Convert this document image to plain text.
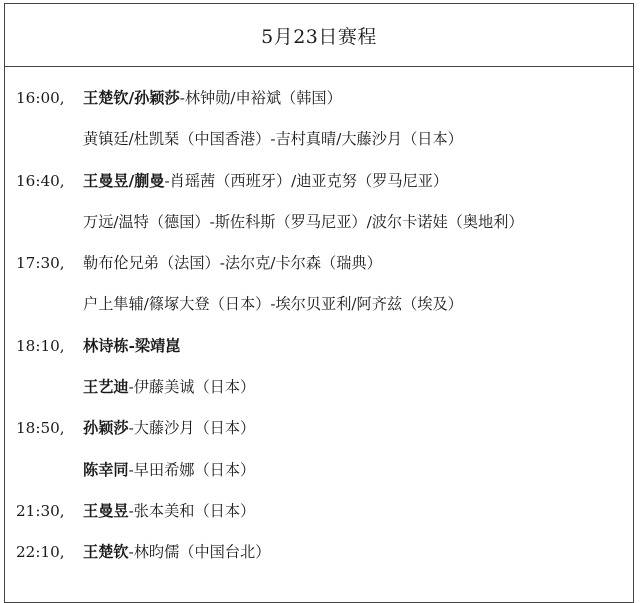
5月23日赛程
16:00, 王楚钦/孙颖莎-林钟勋/申裕斌（韩国）
黄镇廷/杜凯琹（中国香港）-吉村真晴/大藤沙月（日本）
16:40, 王曼昱/蒯曼-肖瑶茜（西班牙）/迪亚克努（罗马尼亚）
万远/温特（德国）-斯佐科斯（罗马尼亚）/波尔卡诺娃（奥地利）
17:30, 勒布伦兄弟（法国）-法尔克/卡尔森（瑞典）
户上隼辅/篠塚大登（日本）-埃尔贝亚利/阿齐兹（埃及）
18:10, 林诗栋-梁靖崑
王艺迪-伊藤美诚（日本）
18:50, 孙颖莎-大藤沙月（日本）
陈幸同-早田希娜（日本）
21:30, 王曼昱-张本美和（日本）
22:10, 王楚钦-林昀儒（中国台北）
